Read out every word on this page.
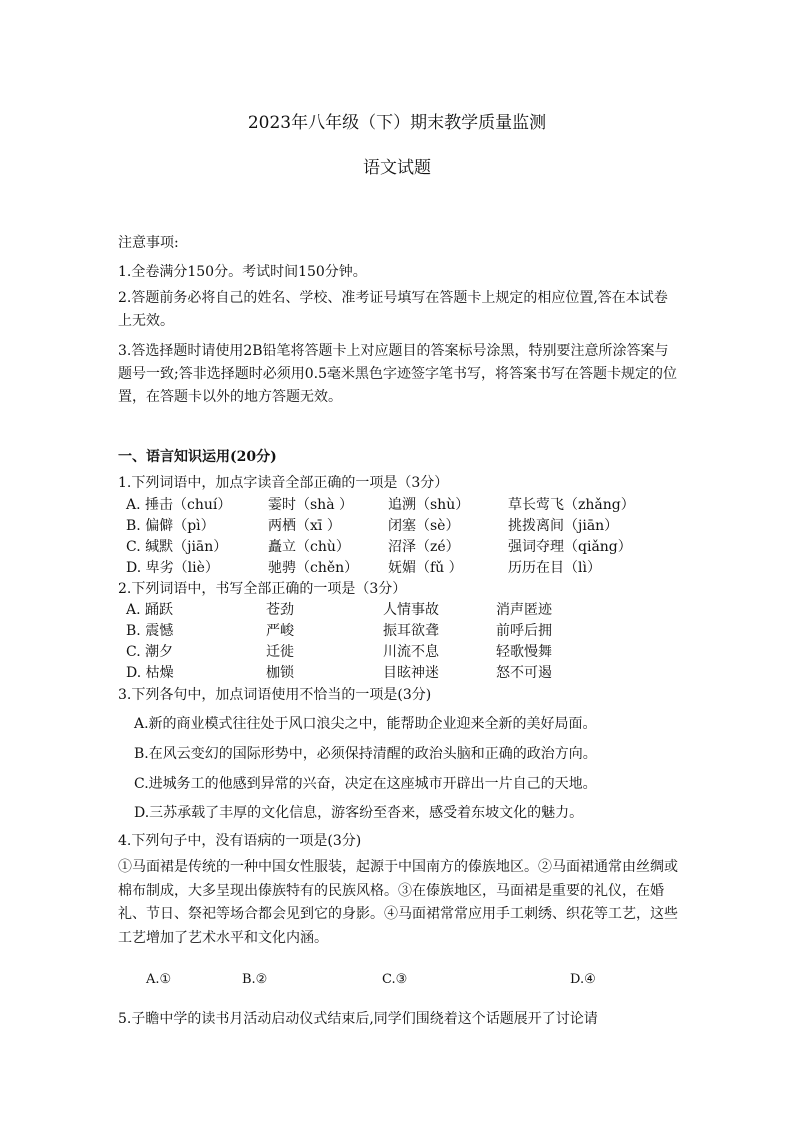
2023年八年级（下）期末教学质量监测
语文试题
注意事项:
1.全卷满分150分。考试时间150分钟。
2.答题前务必将自己的姓名、学校、准考证号填写在答题卡上规定的相应位置,答在本试卷上无效。
3.答选择题时请使用2B铅笔将答题卡上对应题目的答案标号涂黑，特别要注意所涂答案与题号一致;答非选择题时必须用0.5毫米黑色字迹签字笔书写，将答案书写在答题卡规定的位置，在答题卡以外的地方答题无效。
一、语言知识运用(20分)
1.下列词语中，加点字读音全部正确的一项是（3分）
A. 捶击（chuí）	霎时（shà ）	追溯（shù）	草长莺飞（zhǎng）
B. 偏僻（pì）	两栖（xī ）	闭塞（sè）	挑拨离间（jiān）
C. 缄默（jiān）	矗立（chù）	沼泽（zé）	强词夺理（qiǎng）
D. 卑劣（liè）	驰骋（chěn） 妩媚（fǔ ）	历历在目（lì）
2.下列词语中，书写全部正确的一项是（3分）
A. 踊跃	苍劲	人情事故	消声匿迹
B. 震憾	严峻	振耳欲聋	前呼后拥
C. 潮夕	迁徙	川流不息	轻歌慢舞
D. 枯燥	枷锁	目眩神迷	怒不可遏
3.下列各句中，加点词语使用不恰当的一项是(3分)
A.新的商业模式往往处于风口浪尖之中，能帮助企业迎来全新的美好局面。
B.在风云变幻的国际形势中，必须保持清醒的政治头脑和正确的政治方向。
C.进城务工的他感到异常的兴奋，决定在这座城市开辟出一片自己的天地。
D.三苏承载了丰厚的文化信息，游客纷至沓来，感受着东坡文化的魅力。
4.下列句子中，没有语病的一项是(3分)
①马面裙是传统的一种中国女性服装，起源于中国南方的傣族地区。②马面裙通常由丝绸或棉布制成，大多呈现出傣族特有的民族风格。③在傣族地区，马面裙是重要的礼仪，在婚礼、节日、祭祀等场合都会见到它的身影。④马面裙常常应用手工刺绣、织花等工艺，这些工艺增加了艺术水平和文化内涵。
A.①	B.②	C.③	D.④
5.子瞻中学的读书月活动启动仪式结束后,同学们围绕着这个话题展开了讨论请
